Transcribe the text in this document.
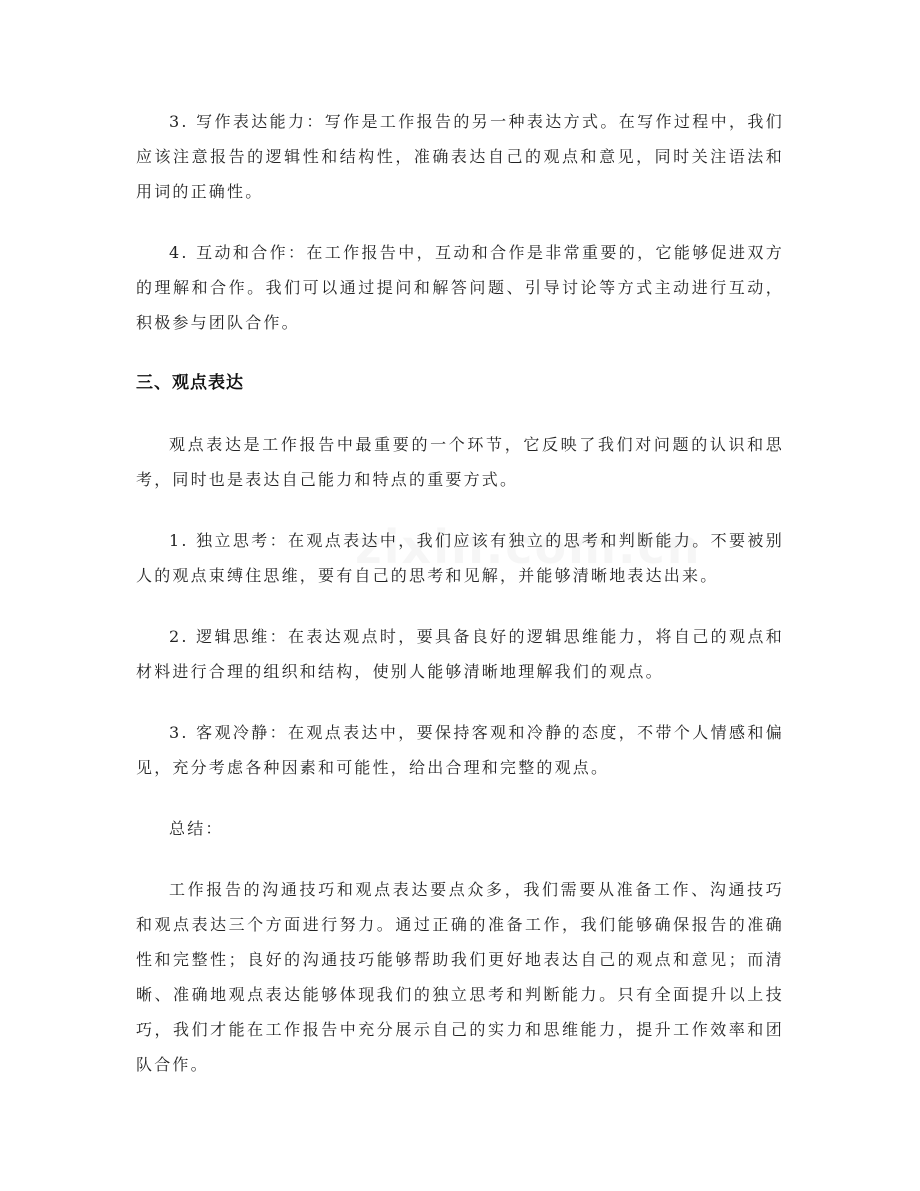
3. 写作表达能力：写作是工作报告的另一种表达方式。在写作过程中，我们应该注意报告的逻辑性和结构性，准确表达自己的观点和意见，同时关注语法和用词的正确性。

4. 互动和合作：在工作报告中，互动和合作是非常重要的，它能够促进双方的理解和合作。我们可以通过提问和解答问题、引导讨论等方式主动进行互动，积极参与团队合作。

三、观点表达

观点表达是工作报告中最重要的一个环节，它反映了我们对问题的认识和思考，同时也是表达自己能力和特点的重要方式。

1. 独立思考：在观点表达中，我们应该有独立的思考和判断能力。不要被别人的观点束缚住思维，要有自己的思考和见解，并能够清晰地表达出来。

2. 逻辑思维：在表达观点时，要具备良好的逻辑思维能力，将自己的观点和材料进行合理的组织和结构，使别人能够清晰地理解我们的观点。

3. 客观冷静：在观点表达中，要保持客观和冷静的态度，不带个人情感和偏见，充分考虑各种因素和可能性，给出合理和完整的观点。

总结：

工作报告的沟通技巧和观点表达要点众多，我们需要从准备工作、沟通技巧和观点表达三个方面进行努力。通过正确的准备工作，我们能够确保报告的准确性和完整性；良好的沟通技巧能够帮助我们更好地表达自己的观点和意见；而清晰、准确地观点表达能够体现我们的独立思考和判断能力。只有全面提升以上技巧，我们才能在工作报告中充分展示自己的实力和思维能力，提升工作效率和团队合作。
